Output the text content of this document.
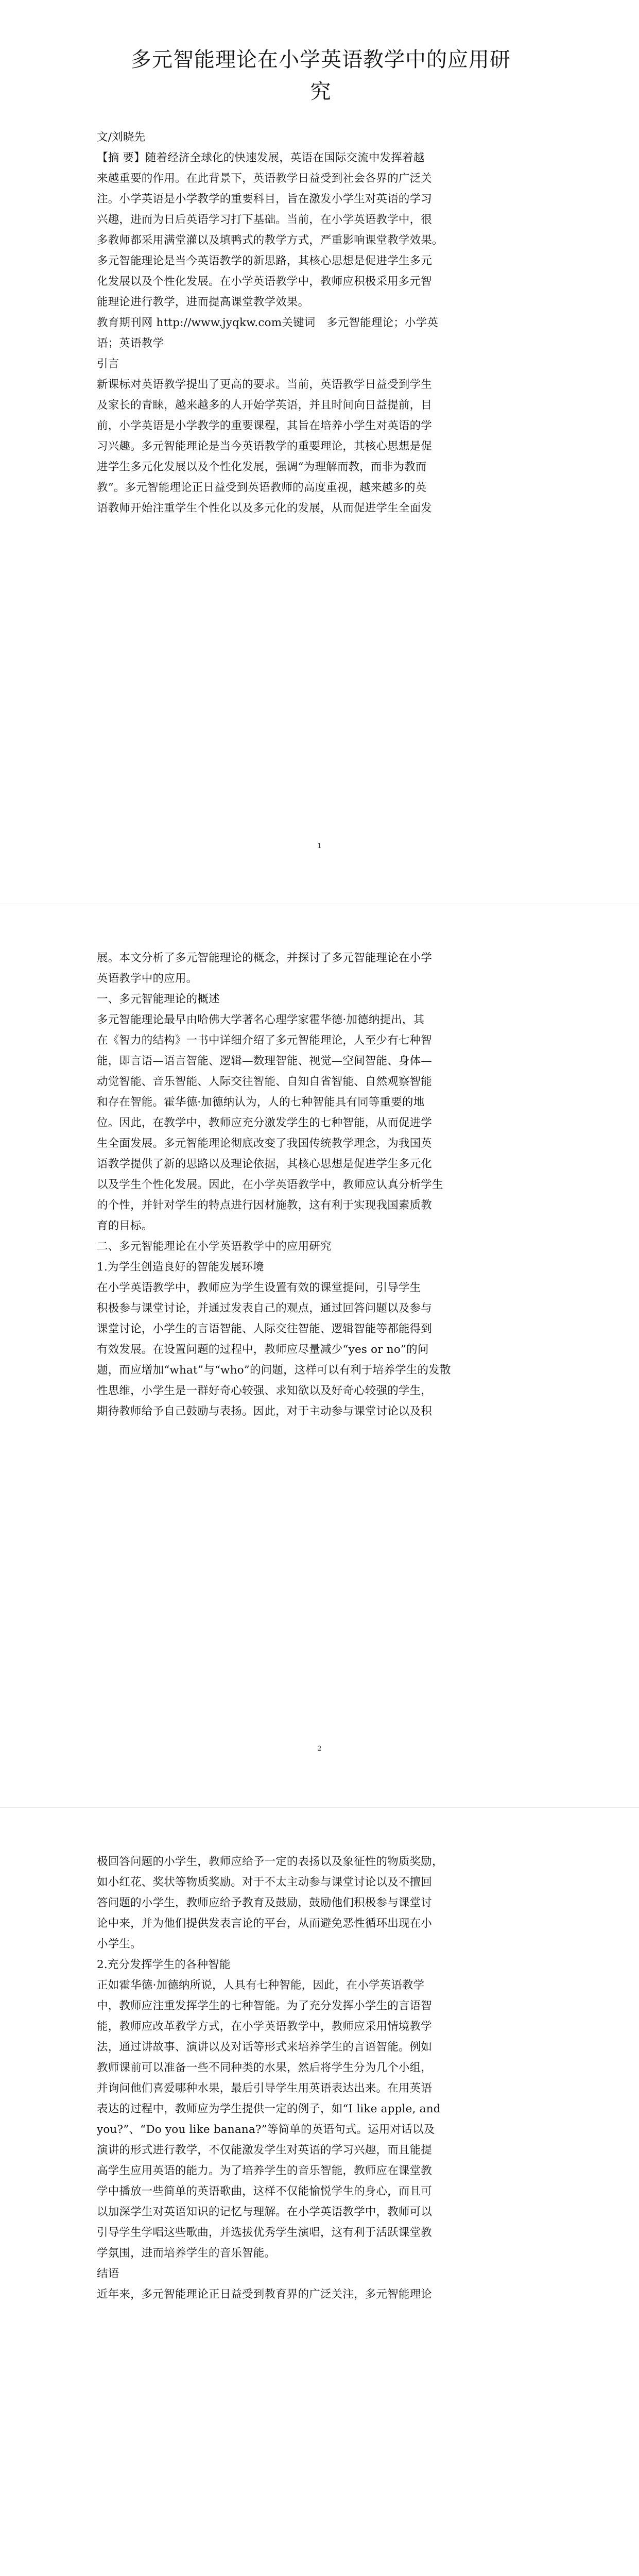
多元智能理论在小学英语教学中的应用研
究

文/刘晓先

【摘 要】随着经济全球化的快速发展，英语在国际交流中发挥着越

来越重要的作用。在此背景下，英语教学日益受到社会各界的广泛关

注。小学英语是小学教学的重要科目，旨在激发小学生对英语的学习

兴趣，进而为日后英语学习打下基础。当前，在小学英语教学中，很

多教师都采用满堂灌以及填鸭式的教学方式，严重影响课堂教学效果。

多元智能理论是当今英语教学的新思路，其核心思想是促进学生多元

化发展以及个性化发展。在小学英语教学中，教师应积极采用多元智

能理论进行教学，进而提高课堂教学效果。

教育期刊网 http://www.jyqkw.com关键词　多元智能理论；小学英

语；英语教学

引言

新课标对英语教学提出了更高的要求。当前，英语教学日益受到学生

及家长的青睐，越来越多的人开始学英语，并且时间向日益提前，目

前，小学英语是小学教学的重要课程，其旨在培养小学生对英语的学

习兴趣。多元智能理论是当今英语教学的重要理论，其核心思想是促

进学生多元化发展以及个性化发展，强调“为理解而教，而非为教而

教”。多元智能理论正日益受到英语教师的高度重视，越来越多的英

语教师开始注重学生个性化以及多元化的发展，从而促进学生全面发

1

展。本文分析了多元智能理论的概念，并探讨了多元智能理论在小学

英语教学中的应用。

一、多元智能理论的概述

多元智能理论最早由哈佛大学著名心理学家霍华德·加德纳提出，其

在《智力的结构》一书中详细介绍了多元智能理论，人至少有七种智

能，即言语—语言智能、逻辑—数理智能、视觉—空间智能、身体—

动觉智能、音乐智能、人际交往智能、自知自省智能、自然观察智能

和存在智能。霍华德·加德纳认为，人的七种智能具有同等重要的地

位。因此，在教学中，教师应充分激发学生的七种智能，从而促进学

生全面发展。多元智能理论彻底改变了我国传统教学理念，为我国英

语教学提供了新的思路以及理论依据，其核心思想是促进学生多元化

以及学生个性化发展。因此，在小学英语教学中，教师应认真分析学生

的个性，并针对学生的特点进行因材施教，这有利于实现我国素质教

育的目标。

二、多元智能理论在小学英语教学中的应用研究

1.为学生创造良好的智能发展环境

在小学英语教学中，教师应为学生设置有效的课堂提问，引导学生

积极参与课堂讨论，并通过发表自己的观点，通过回答问题以及参与

课堂讨论，小学生的言语智能、人际交往智能、逻辑智能等都能得到

有效发展。在设置问题的过程中，教师应尽量减少“yes or no”的问

题，而应增加“what”与“who”的问题，这样可以有利于培养学生的发散

性思维，小学生是一群好奇心较强、求知欲以及好奇心较强的学生，

期待教师给予自己鼓励与表扬。因此，对于主动参与课堂讨论以及积

2

极回答问题的小学生，教师应给予一定的表扬以及象征性的物质奖励，

如小红花、奖状等物质奖励。对于不太主动参与课堂讨论以及不擅回

答问题的小学生，教师应给予教育及鼓励，鼓励他们积极参与课堂讨

论中来，并为他们提供发表言论的平台，从而避免恶性循环出现在小

小学生。

2.充分发挥学生的各种智能

正如霍华德·加德纳所说，人具有七种智能，因此，在小学英语教学

中，教师应注重发挥学生的七种智能。为了充分发挥小学生的言语智

能，教师应改革教学方式，在小学英语教学中，教师应采用情境教学

法，通过讲故事、演讲以及对话等形式来培养学生的言语智能。例如

教师课前可以准备一些不同种类的水果，然后将学生分为几个小组，

并询问他们喜爱哪种水果，最后引导学生用英语表达出来。在用英语

表达的过程中，教师应为学生提供一定的例子，如“I like apple, and

you?”、“Do you like banana?”等简单的英语句式。运用对话以及

演讲的形式进行教学，不仅能激发学生对英语的学习兴趣，而且能提

高学生应用英语的能力。为了培养学生的音乐智能，教师应在课堂教

学中播放一些简单的英语歌曲，这样不仅能愉悦学生的身心，而且可

以加深学生对英语知识的记忆与理解。在小学英语教学中，教师可以

引导学生学唱这些歌曲，并选拔优秀学生演唱，这有利于活跃课堂教

学氛围，进而培养学生的音乐智能。

结语

近年来，多元智能理论正日益受到教育界的广泛关注，多元智能理论
